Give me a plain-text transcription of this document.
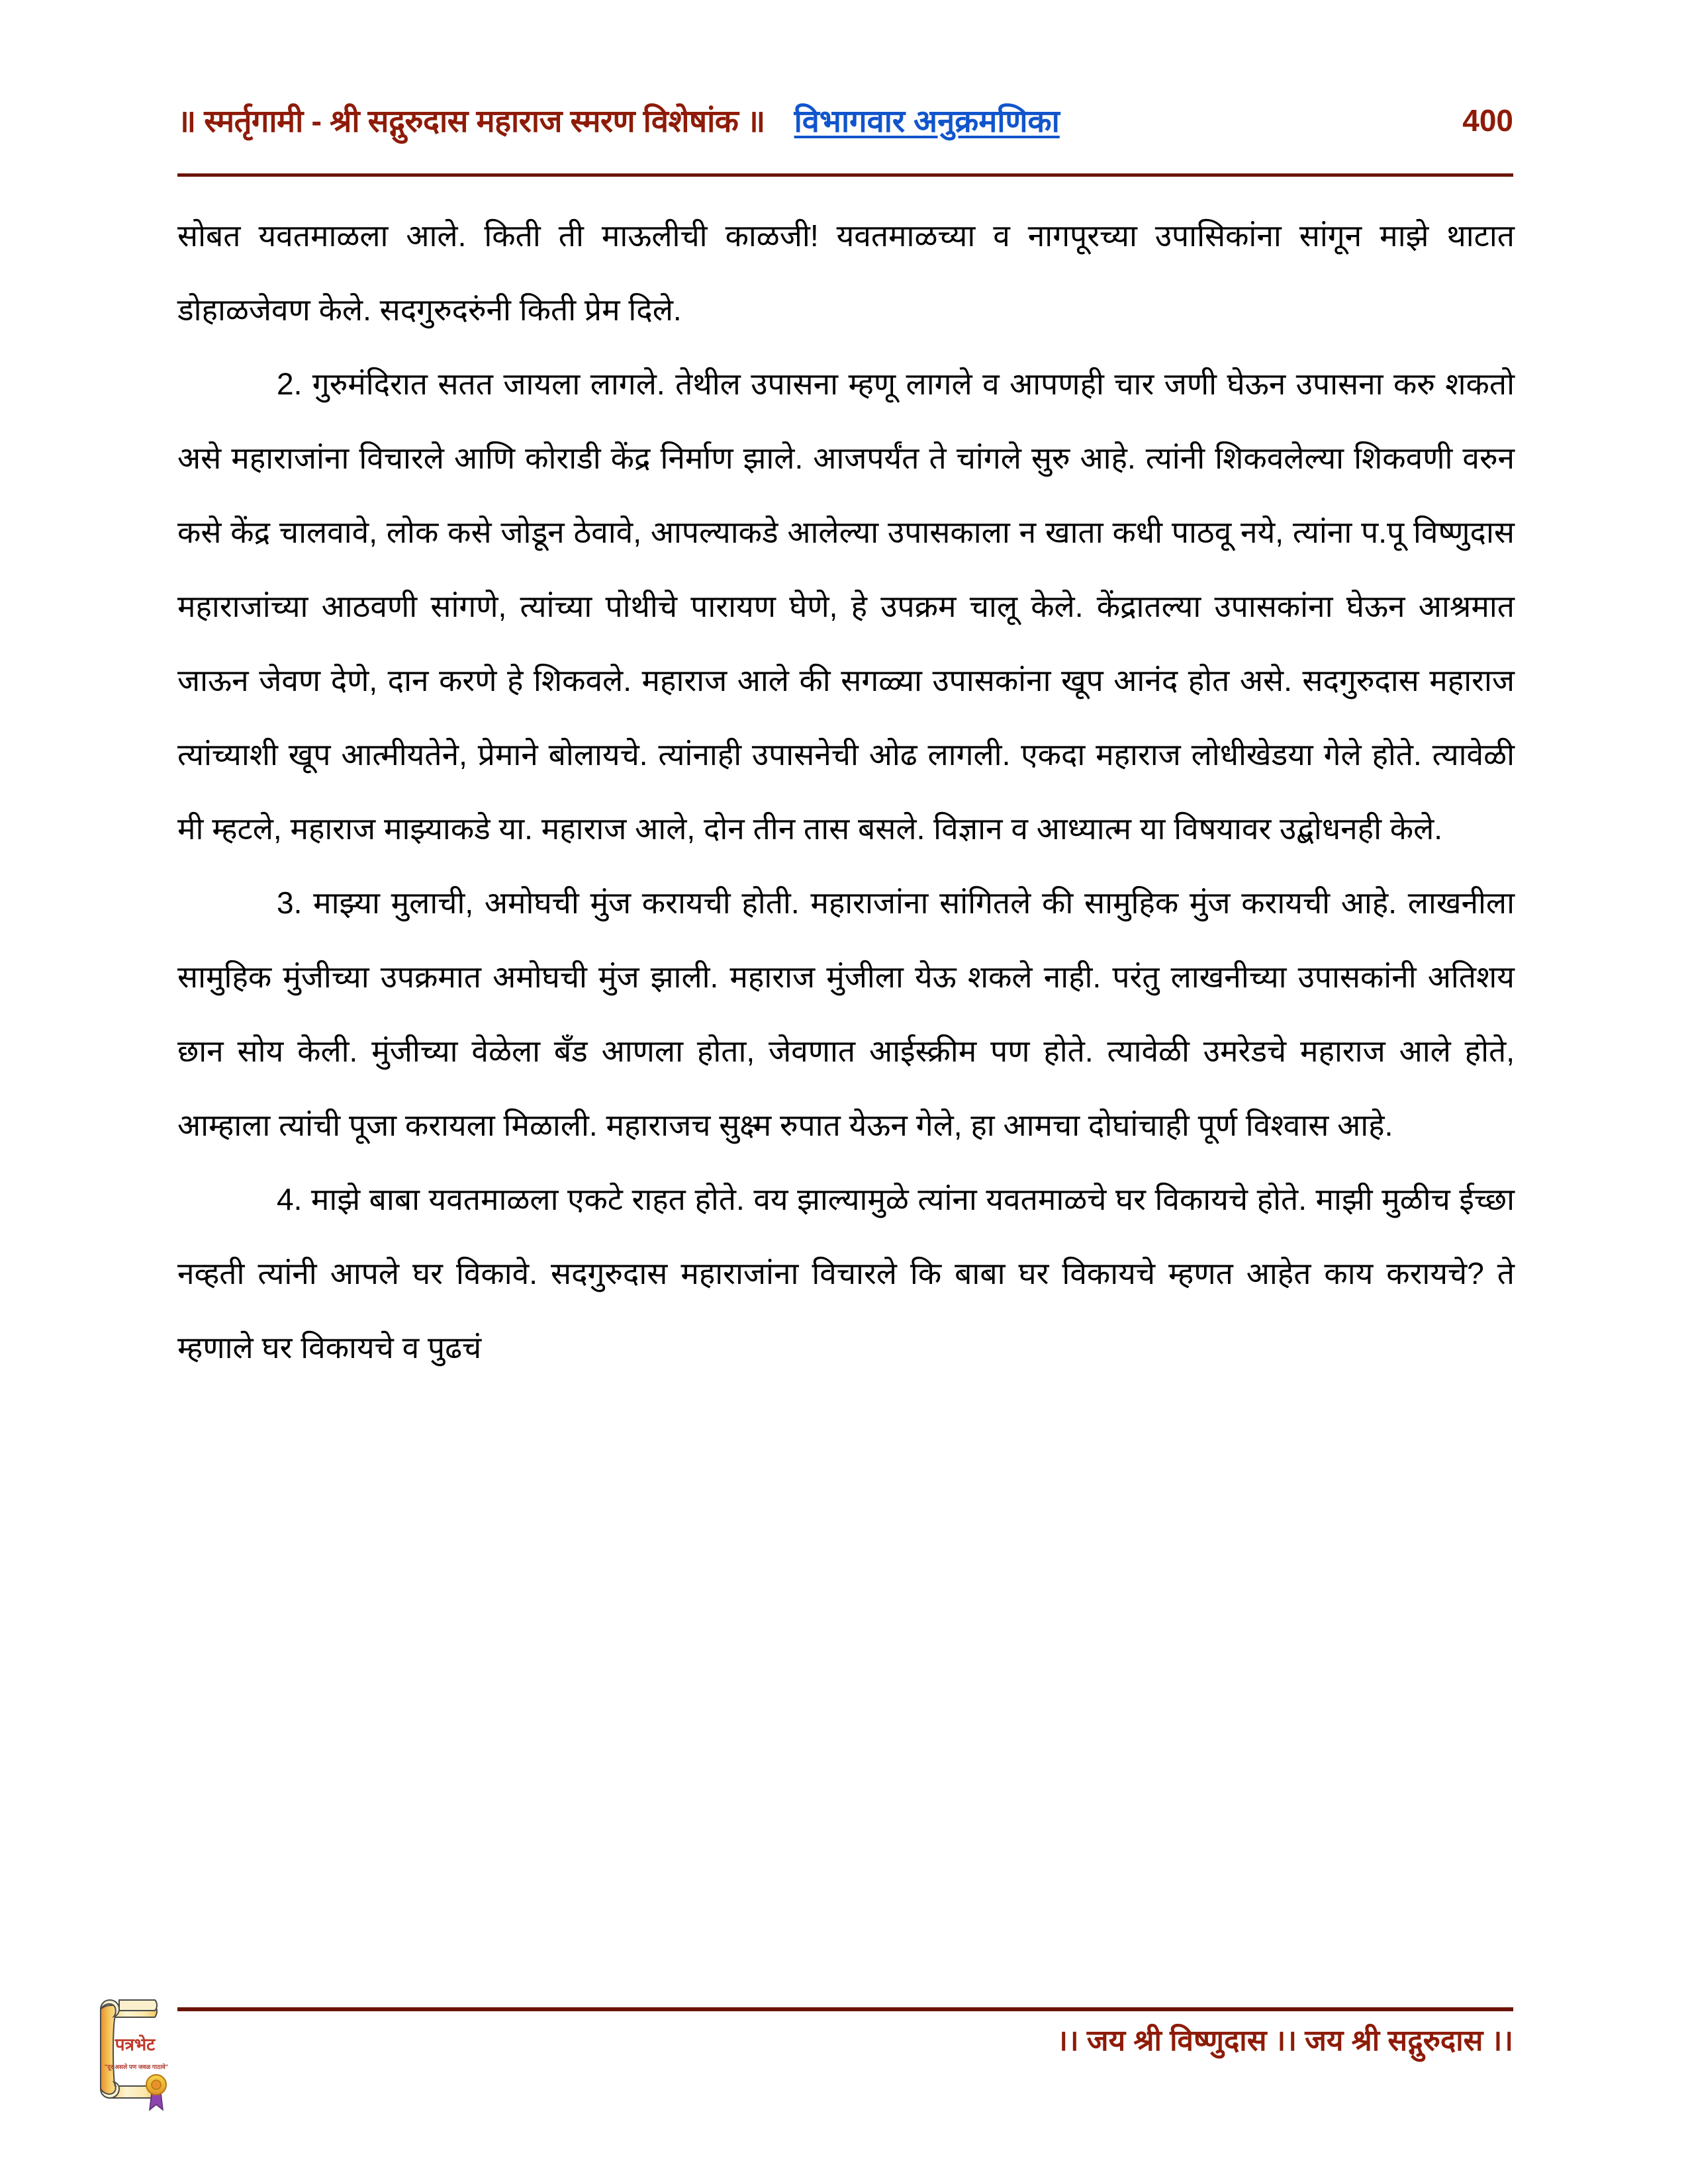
॥ स्मर्तृगामी - श्री सद्गुरुदास महाराज स्मरण विशेषांक ॥ विभागवार अनुक्रमणिका	400

सोबत यवतमाळला आले. किती ती माऊलीची काळजी! यवतमाळच्या व नागपूरच्या उपासिकांना सांगून माझे थाटात डोहाळजेवण केले. सदगुरुदरुंनी किती प्रेम दिले.

2. गुरुमंदिरात सतत जायला लागले. तेथील उपासना म्हणू लागले व आपणही चार जणी घेऊन उपासना करु शकतो असे महाराजांना विचारले आणि कोराडी केंद्र निर्माण झाले. आजपर्यंत ते चांगले सुरु आहे. त्यांनी शिकवलेल्या शिकवणी वरुन कसे केंद्र चालवावे, लोक कसे जोडून ठेवावे, आपल्याकडे आलेल्या उपासकाला न खाता कधी पाठवू नये, त्यांना प.पू विष्णुदास महाराजांच्या आठवणी सांगणे, त्यांच्या पोथीचे पारायण घेणे, हे उपक्रम चालू केले. केंद्रातल्या उपासकांना घेऊन आश्रमात जाऊन जेवण देणे, दान करणे हे शिकवले. महाराज आले की सगळ्या उपासकांना खूप आनंद होत असे. सदगुरुदास महाराज त्यांच्याशी खूप आत्मीयतेने, प्रेमाने बोलायचे. त्यांनाही उपासनेची ओढ लागली. एकदा महाराज लोधीखेडया गेले होते. त्यावेळी मी म्हटले, महाराज माझ्याकडे या. महाराज आले, दोन तीन तास बसले. विज्ञान व आध्यात्म या विषयावर उद्बोधनही केले.

3. माझ्या मुलाची, अमोघची मुंज करायची होती. महाराजांना सांगितले की सामुहिक मुंज करायची आहे. लाखनीला सामुहिक मुंजीच्या उपक्रमात अमोघची मुंज झाली. महाराज मुंजीला येऊ शकले नाही. परंतु लाखनीच्या उपासकांनी अतिशय छान सोय केली. मुंजीच्या वेळेला बँड आणला होता, जेवणात आईस्क्रीम पण होते. त्यावेळी उमरेडचे महाराज आले होते, आम्हाला त्यांची पूजा करायला मिळाली. महाराजच सुक्ष्म रुपात येऊन गेले, हा आमचा दोघांचाही पूर्ण विश्वास आहे.

4. माझे बाबा यवतमाळला एकटे राहत होते. वय झाल्यामुळे त्यांना यवतमाळचे घर विकायचे होते. माझी मुळीच ईच्छा नव्हती त्यांनी आपले घर विकावे. सदगुरुदास महाराजांना विचारले कि बाबा घर विकायचे म्हणत आहेत काय करायचे? ते म्हणाले घर विकायचे व पुढचं

।। जय श्री विष्णुदास ।। जय श्री सद्गुरुदास ।।
पत्रभेट
"दूर असले पण जवळ गाठावे"
